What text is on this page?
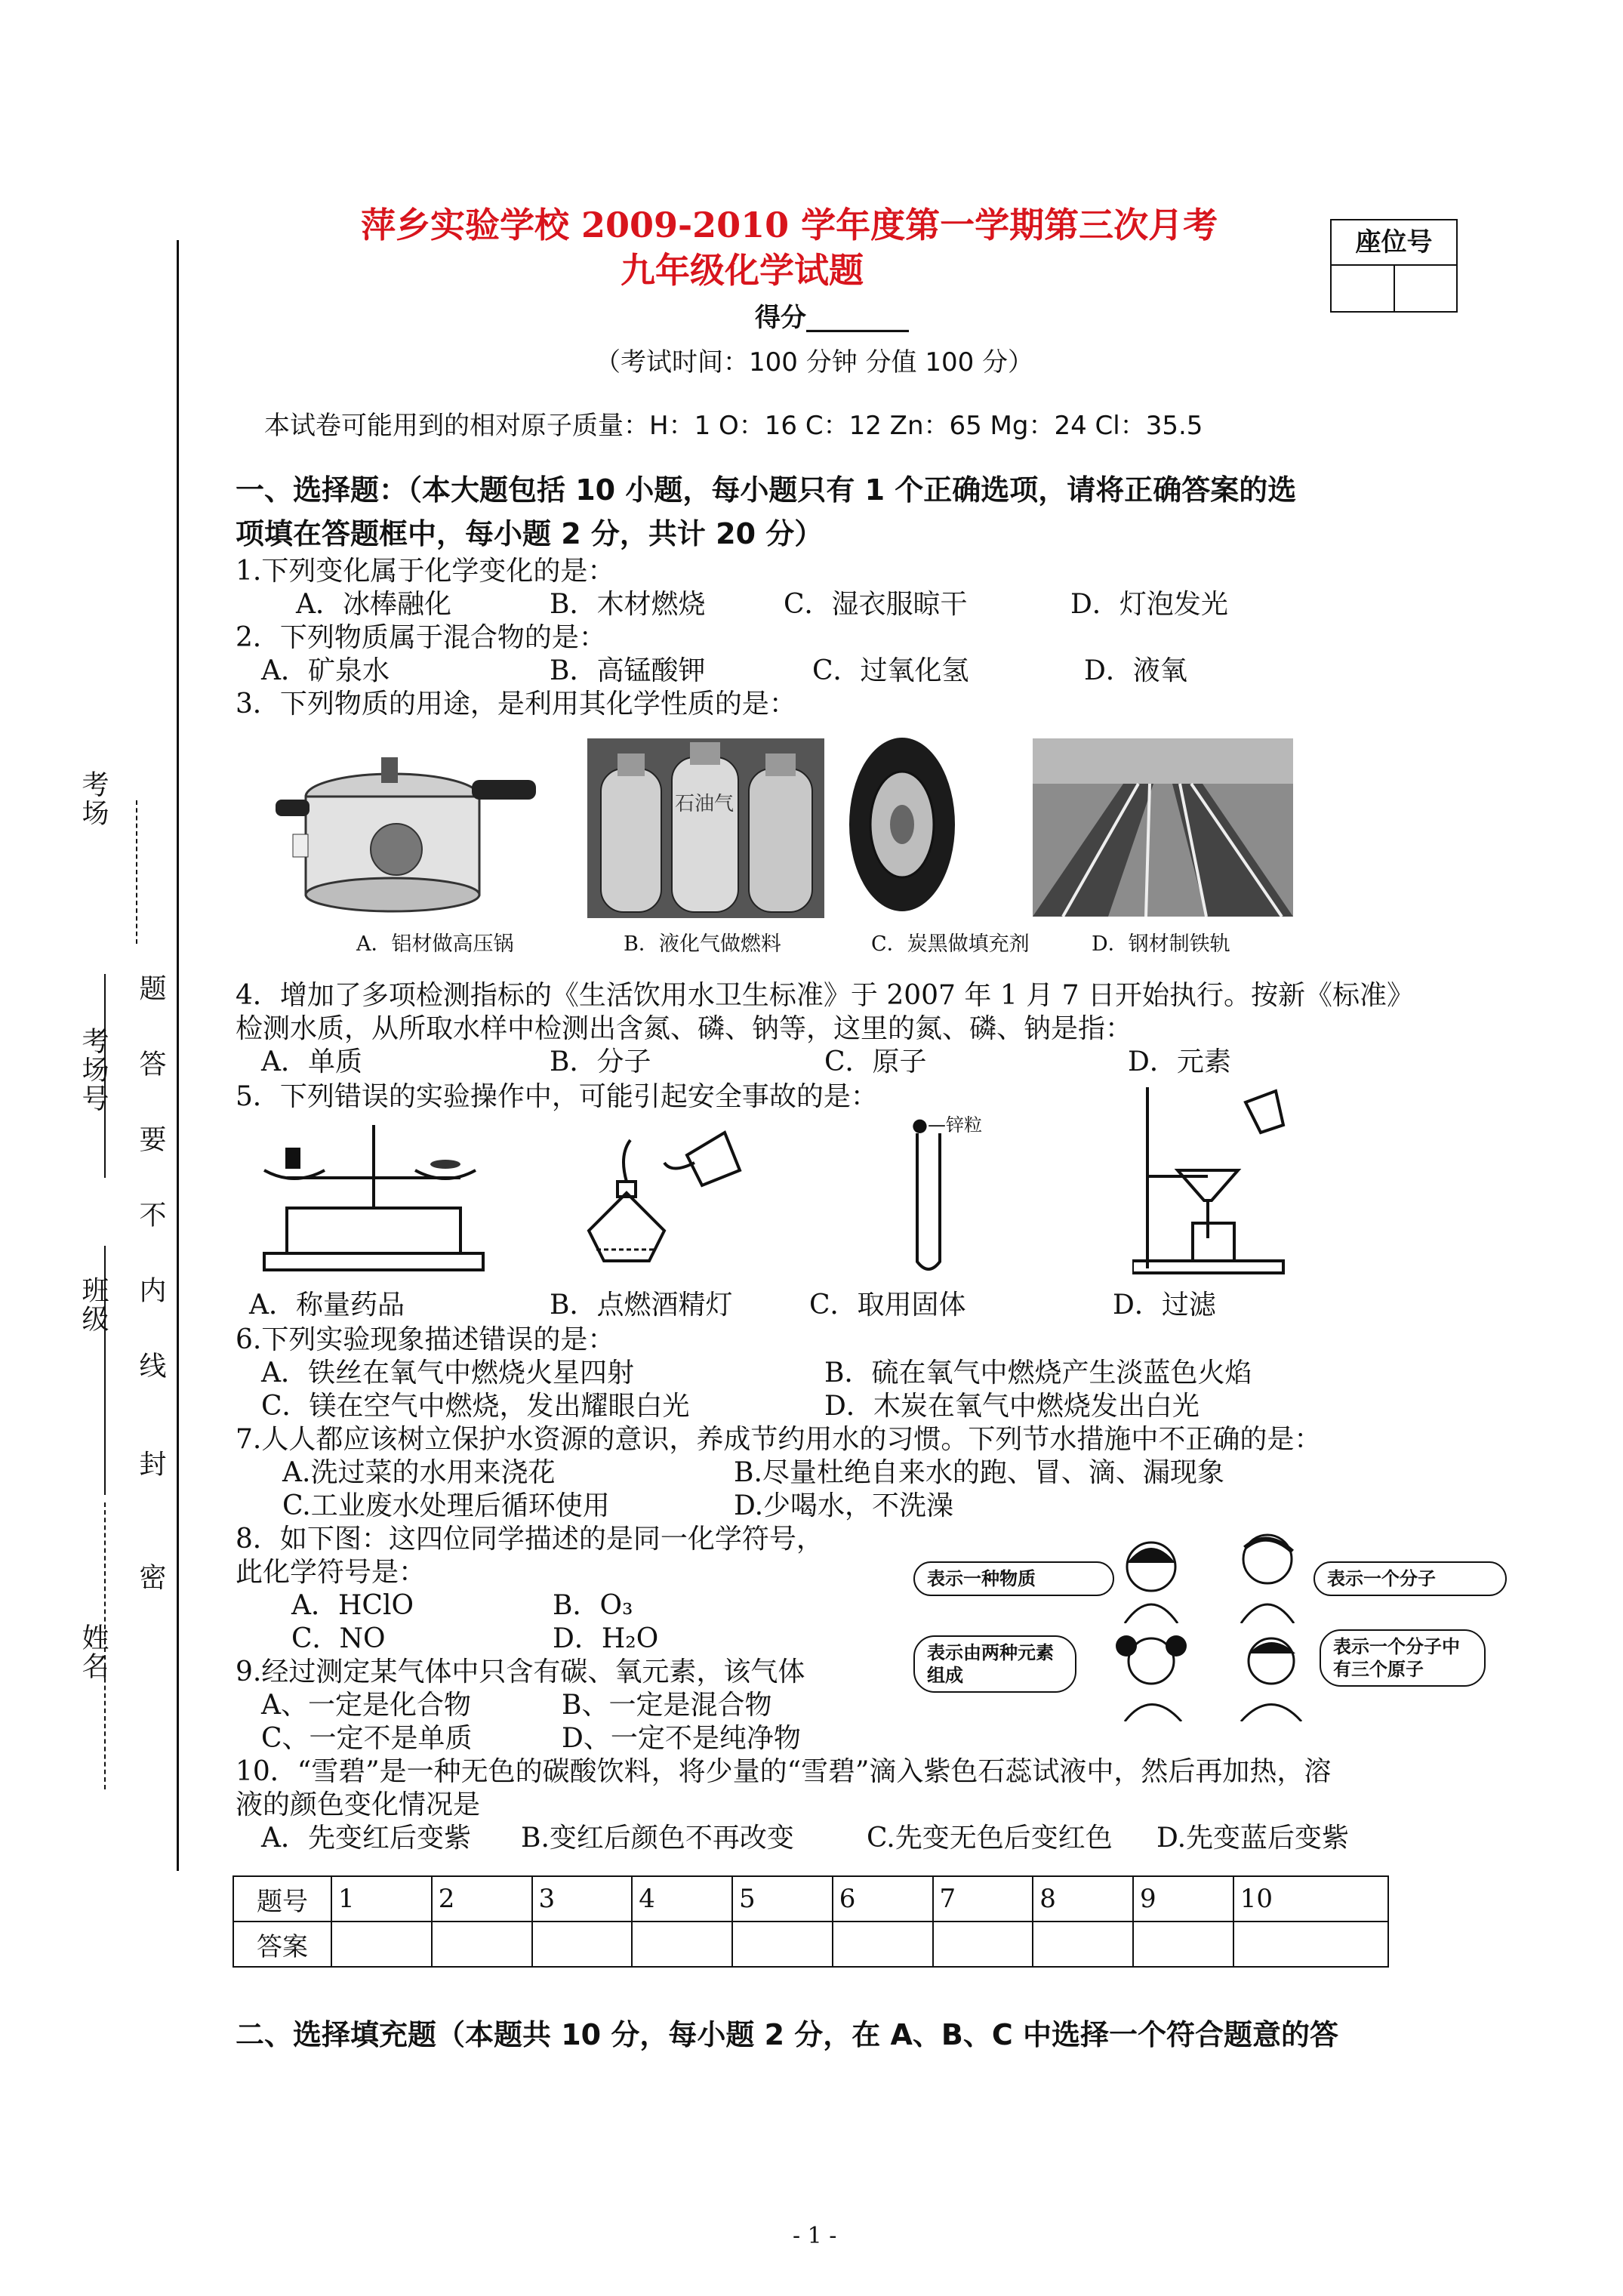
考场
考场号
班级
姓名
题
答
要
不
内
线
封
密
萍乡实验学校 2009-2010 学年度第一学期第三次月考
九年级化学试题
座位号
得分________
（考试时间：100 分钟 分值 100 分）
本试卷可能用到的相对原子质量：H：1 O：16 C：12 Zn：65 Mg：24 Cl：35.5
一、选择题：（本大题包括 10 小题，每小题只有 1 个正确选项，请将正确答案的选
项填在答题框中，每小题 2 分，共计 20 分）
1.下列变化属于化学变化的是：
A．冰棒融化	B．木材燃烧	C．湿衣服晾干	D．灯泡发光
2．下列物质属于混合物的是：
A．矿泉水	B．高锰酸钾	C．过氧化氢	D．液氧
3．下列物质的用途，是利用其化学性质的是：
石油气
A．铝材做高压锅	B．液化气做燃料	C．炭黑做填充剂	D．钢材制铁轨
4．增加了多项检测指标的《生活饮用水卫生标准》于 2007 年 1 月 7 日开始执行。按新《标准》
检测水质，从所取水样中检测出含氮、磷、钠等，这里的氮、磷、钠是指：
A．单质	B．分子	C．原子	D．元素
5．下列错误的实验操作中，可能引起安全事故的是：
●—锌粒
A．称量药品	B．点燃酒精灯	C．取用固体	D．过滤
6.下列实验现象描述错误的是：
A．铁丝在氧气中燃烧火星四射	B．硫在氧气中燃烧产生淡蓝色火焰
C．镁在空气中燃烧，发出耀眼白光	D．木炭在氧气中燃烧发出白光
7.人人都应该树立保护水资源的意识，养成节约用水的习惯。下列节水措施中不正确的是：
A.洗过菜的水用来浇花	B.尽量杜绝自来水的跑、冒、滴、漏现象
C.工业废水处理后循环使用	D.少喝水，不洗澡
8．如下图：这四位同学描述的是同一化学符号，
此化学符号是：
A．HClO	B．O₃
C．NO	D．H₂O
表示一种物质	表示一个分子
表示由两种元素组成
表示一个分子中有三个原子
9.经过测定某气体中只含有碳、氧元素，该气体
A、一定是化合物	B、一定是混合物
C、一定不是单质	D、一定不是纯净物
10．“雪碧”是一种无色的碳酸饮料，将少量的“雪碧”滴入紫色石蕊试液中，然后再加热，溶
液的颜色变化情况是
A．先变红后变紫 B.变红后颜色不再改变	C.先变无色后变红色 D.先变蓝后变紫
题号	1	2	3	4	5	6	7	8	9	10
答案										
二、选择填充题（本题共 10 分，每小题 2 分，在 A、B、C 中选择一个符合题意的答
- 1 -
